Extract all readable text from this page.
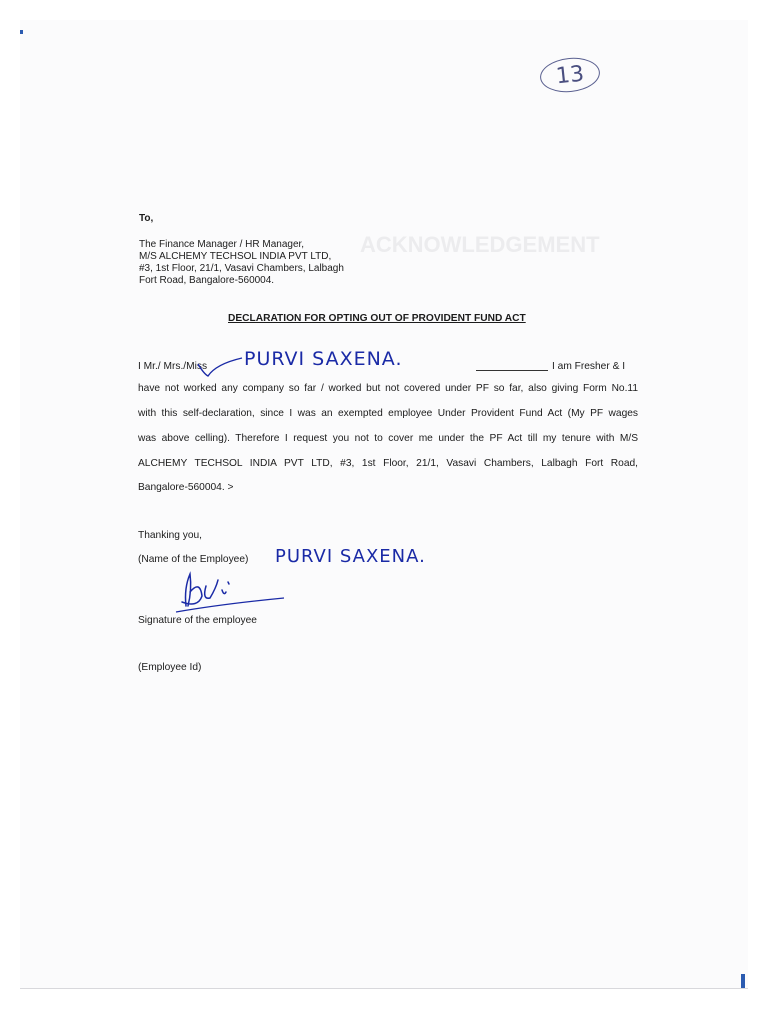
ACKNOWLEDGEMENT
13
To,
The Finance Manager / HR Manager,
M/S ALCHEMY TECHSOL INDIA PVT LTD,
#3, 1st Floor, 21/1, Vasavi Chambers, Lalbagh
Fort Road, Bangalore-560004.
DECLARATION FOR OPTING OUT OF PROVIDENT FUND ACT
I Mr./ Mrs./Miss PURVI SAXENA.	I am Fresher & I
have not worked any company so far / worked but not covered under PF so far, also giving Form No.11
with this self-declaration, since I was an exempted employee Under Provident Fund Act (My PF wages
was above celling). Therefore I request you not to cover me under the PF Act till my tenure with M/S
ALCHEMY TECHSOL INDIA PVT LTD, #3, 1st Floor, 21/1, Vasavi Chambers, Lalbagh Fort Road,
Bangalore-560004. >
Thanking you,
(Name of the Employee) PURVI SAXENA.
Signature of the employee
(Employee Id)
